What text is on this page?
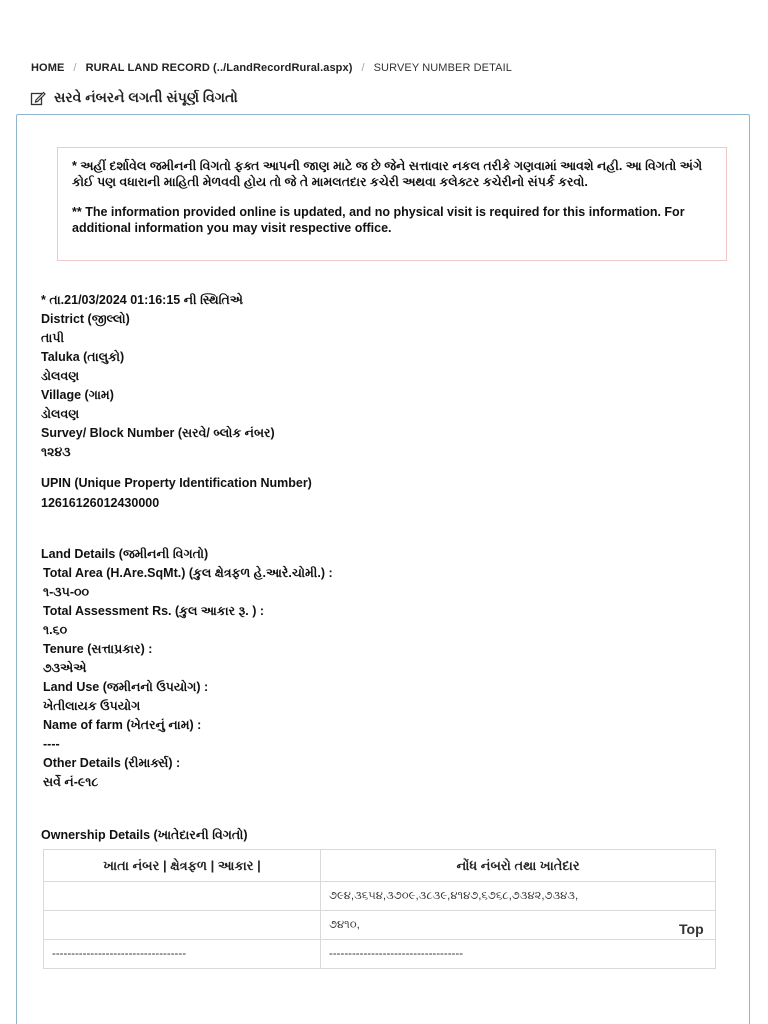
HOME / RURAL LAND RECORD (../LandRecordRural.aspx) / SURVEY NUMBER DETAIL
સરવે નંબરને લગતી સંપૂર્ણ વિગતો

* અહીં દર્શાવેલ જમીનની વિગતો ફક્ત આપની જાણ માટે જ છે જેને સત્તાવાર નકલ તરીકે ગણવામાં આવશે નહી. આ વિગતો અંગે કોઈ પણ વધારાની માહિતી મેળવવી હોય તો જે તે મામલતદાર કચેરી અથવા કલેક્ટર કચેરીનો સંપર્ક કરવો.

** The information provided online is updated, and no physical visit is required for this information. For additional information you may visit respective office.

* તા.21/03/2024 01:16:15 ની સ્થિતિએ
District (જીલ્લો)
તાપી
Taluka (તાલુકો)
ડોલવણ
Village (ગામ)
ડોલવણ
Survey/ Block Number (સરવે/ બ્લોક નંબર)
૧૨૪૩
UPIN (Unique Property Identification Number)
12616126012430000
Land Details (જમીનની વિગતો)
Total Area (H.Are.SqMt.) (કુલ ક્ષેત્રફળ હે.આરે.ચોમી.) :
૧-૩૫-૦૦
Total Assessment Rs. (કુલ આકાર રૂ. ) :
૧.૬૦
Tenure (સત્તાપ્રકાર) :
૭૩એએ
Land Use (જમીનનો ઉપયોગ) :
ખેતીલાયક ઉપયોગ
Name of farm (ખેતરનું નામ) :
----
Other Details (રીમાર્ક્સ) :
સર્વે નં-૯૧૮
Ownership Details (ખાતેદારની વિગતો)
ખાતા નંબર | ક્ષેત્રફળ | આકાર |	નોંધ નંબરો તથા ખાતેદાર
	૭૯૪,૩૬૫૪,૩૭૦૯,૩૮૩૯,૪૧૪૭,૬૭૬૮,૭૩૪૨,૭૩૪૩,
	૭૪૧૦,
-----------------------------------	-----------------------------------
Top
